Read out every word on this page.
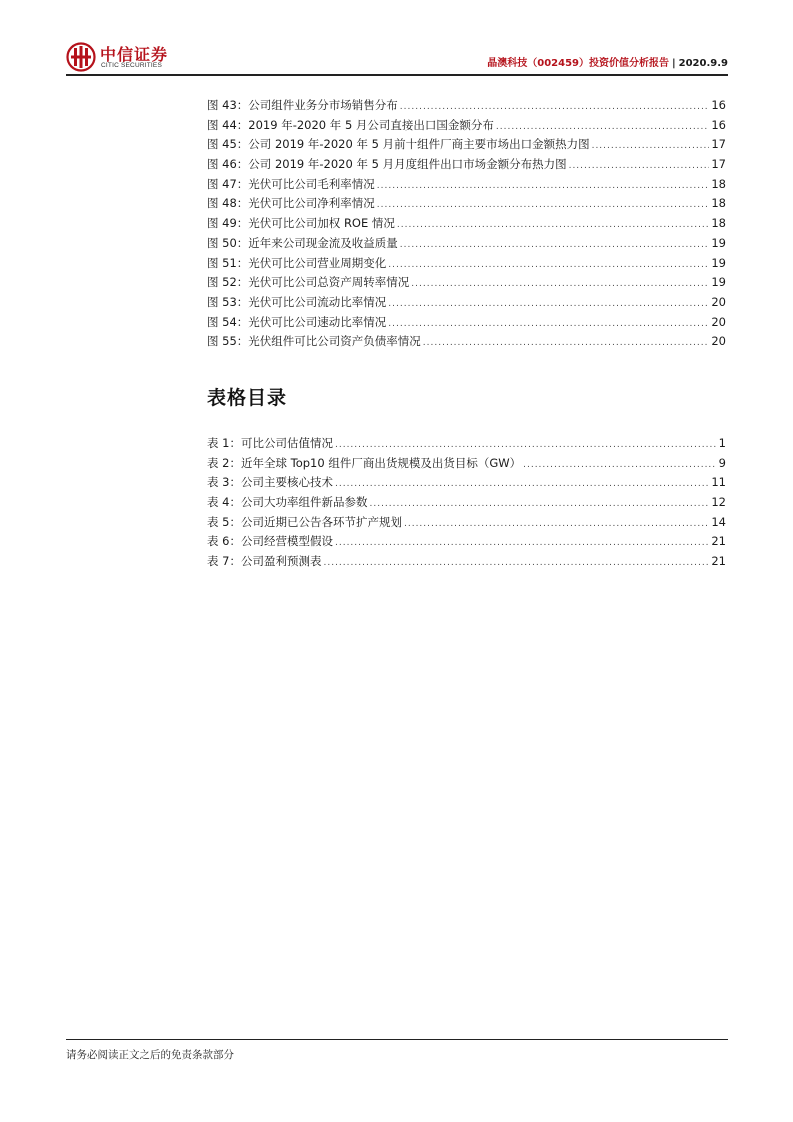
中信证券
CITIC SECURITIES	晶澳科技（002459）投资价值分析报告 | 2020.9.9
图 43：公司组件业务分市场销售分布 .....	16
图 44：2019 年-2020 年 5 月公司直接出口国金额分布 .....	16
图 45：公司 2019 年-2020 年 5 月前十组件厂商主要市场出口金额热力图 .....	17
图 46：公司 2019 年-2020 年 5 月月度组件出口市场金额分布热力图 .....	17
图 47：光伏可比公司毛利率情况 .....	18
图 48：光伏可比公司净利率情况 .....	18
图 49：光伏可比公司加权 ROE 情况 .....	18
图 50：近年来公司现金流及收益质量 .....	19
图 51：光伏可比公司营业周期变化 .....	19
图 52：光伏可比公司总资产周转率情况 .....	19
图 53：光伏可比公司流动比率情况 .....	20
图 54：光伏可比公司速动比率情况 .....	20
图 55：光伏组件可比公司资产负债率情况 .....	20
表格目录
表 1：可比公司估值情况 .....	1
表 2：近年全球 Top10 组件厂商出货规模及出货目标（GW） .....	9
表 3：公司主要核心技术 .....	11
表 4：公司大功率组件新品参数 .....	12
表 5：公司近期已公告各环节扩产规划 .....	14
表 6：公司经营模型假设 .....	21
表 7：公司盈利预测表 .....	21
请务必阅读正文之后的免责条款部分
